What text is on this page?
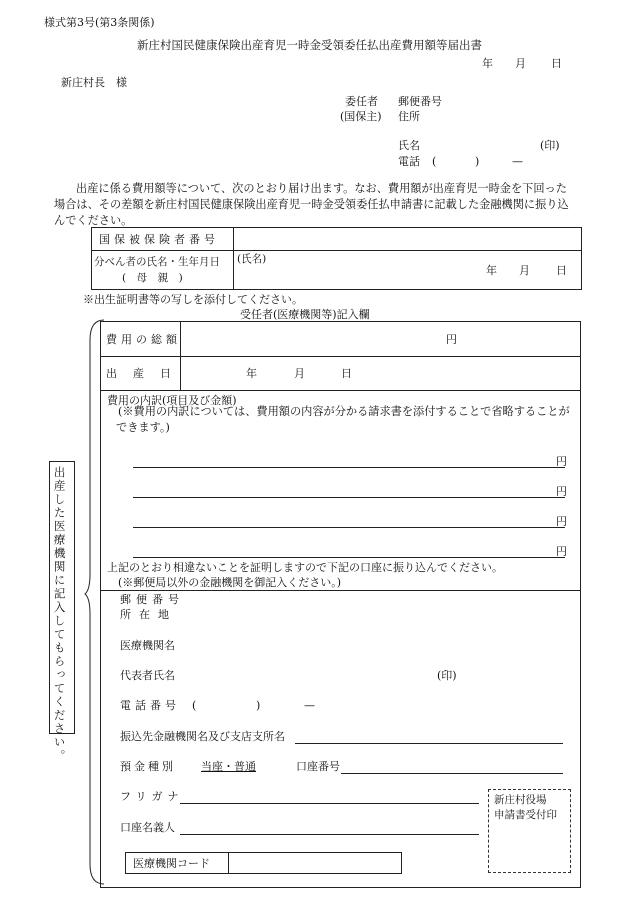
様式第3号(第3条関係)
新庄村国民健康保険出産育児一時金受領委任払出産費用額等届出書
年 月 日
新庄村長　様
委任者
(国保主)
郵便番号
住所
氏名	(印)
電話 (	)	—
出産に係る費用額等について、次のとおり届け出ます。なお、費用額が出産育児一時金を下回った場合は、その差額を新庄村国民健康保険出産育児一時金受領委任払申請書に記載した金融機関に振り込んでください。
国保被保険者番号
分べん者の氏名・生年月日
(　母　親　)
(氏名)
年 月 日
※出生証明書等の写しを添付してください。
受任者(医療機関等)記入欄
出産した医療機関に記入してもらってください。
費用の総額	円
出産日	年	月	日
費用の内訳(項目及び金額)
(※費用の内訳については、費用額の内容が分かる請求書を添付することで省略することができます。)
円
円
円
円
上記のとおり相違ないことを証明しますので下記の口座に振り込んでください。
(※郵便局以外の金融機関を御記入ください。)
郵便番号
所在地
医療機関名
代表者氏名	(印)
電話番号 (	)	—
振込先金融機関名及び支店支所名
預金種別 当座・普通	口座番号
フリガナ
口座名義人
新庄村役場
申請書受付印
医療機関コード
